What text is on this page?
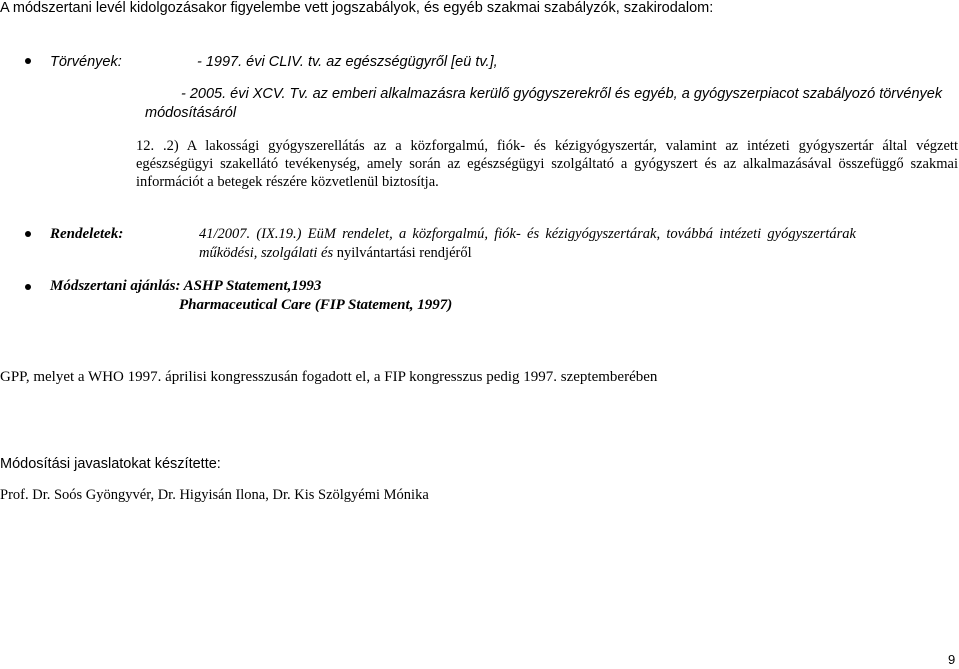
A módszertani levél kidolgozásakor figyelembe vett jogszabályok, és egyéb szakmai szabályzók, szakirodalom:
Törvények:	- 1997. évi CLIV. tv. az egészségügyről [eü tv.],
- 2005. évi XCV. Tv. az emberi alkalmazásra kerülő gyógyszerekről és egyéb, a gyógyszerpiacot szabályozó törvények
módosításáról
12. .2) A lakossági gyógyszerellátás az a közforgalmú, fiók- és kézigyógyszertár, valamint az intézeti gyógyszertár által végzett
egészségügyi szakellátó tevékenység, amely során az egészségügyi szolgáltató a gyógyszert és az alkalmazásával összefüggő szakmai
információt a betegek részére közvetlenül biztosítja.
Rendeletek:	41/2007. (IX.19.) EüM rendelet, a közforgalmú, fiók- és kézigyógyszertárak, továbbá intézeti gyógyszertárak
működési, szolgálati és nyilvántartási rendjéről
Módszertani ajánlás: ASHP Statement,1993
Pharmaceutical Care (FIP Statement, 1997)
GPP, melyet a WHO 1997. áprilisi kongresszusán fogadott el, a FIP kongresszus pedig 1997. szeptemberében
Módosítási javaslatokat készítette:
Prof. Dr. Soós Gyöngyvér, Dr. Higyisán Ilona, Dr. Kis Szölgyémi Mónika
9
